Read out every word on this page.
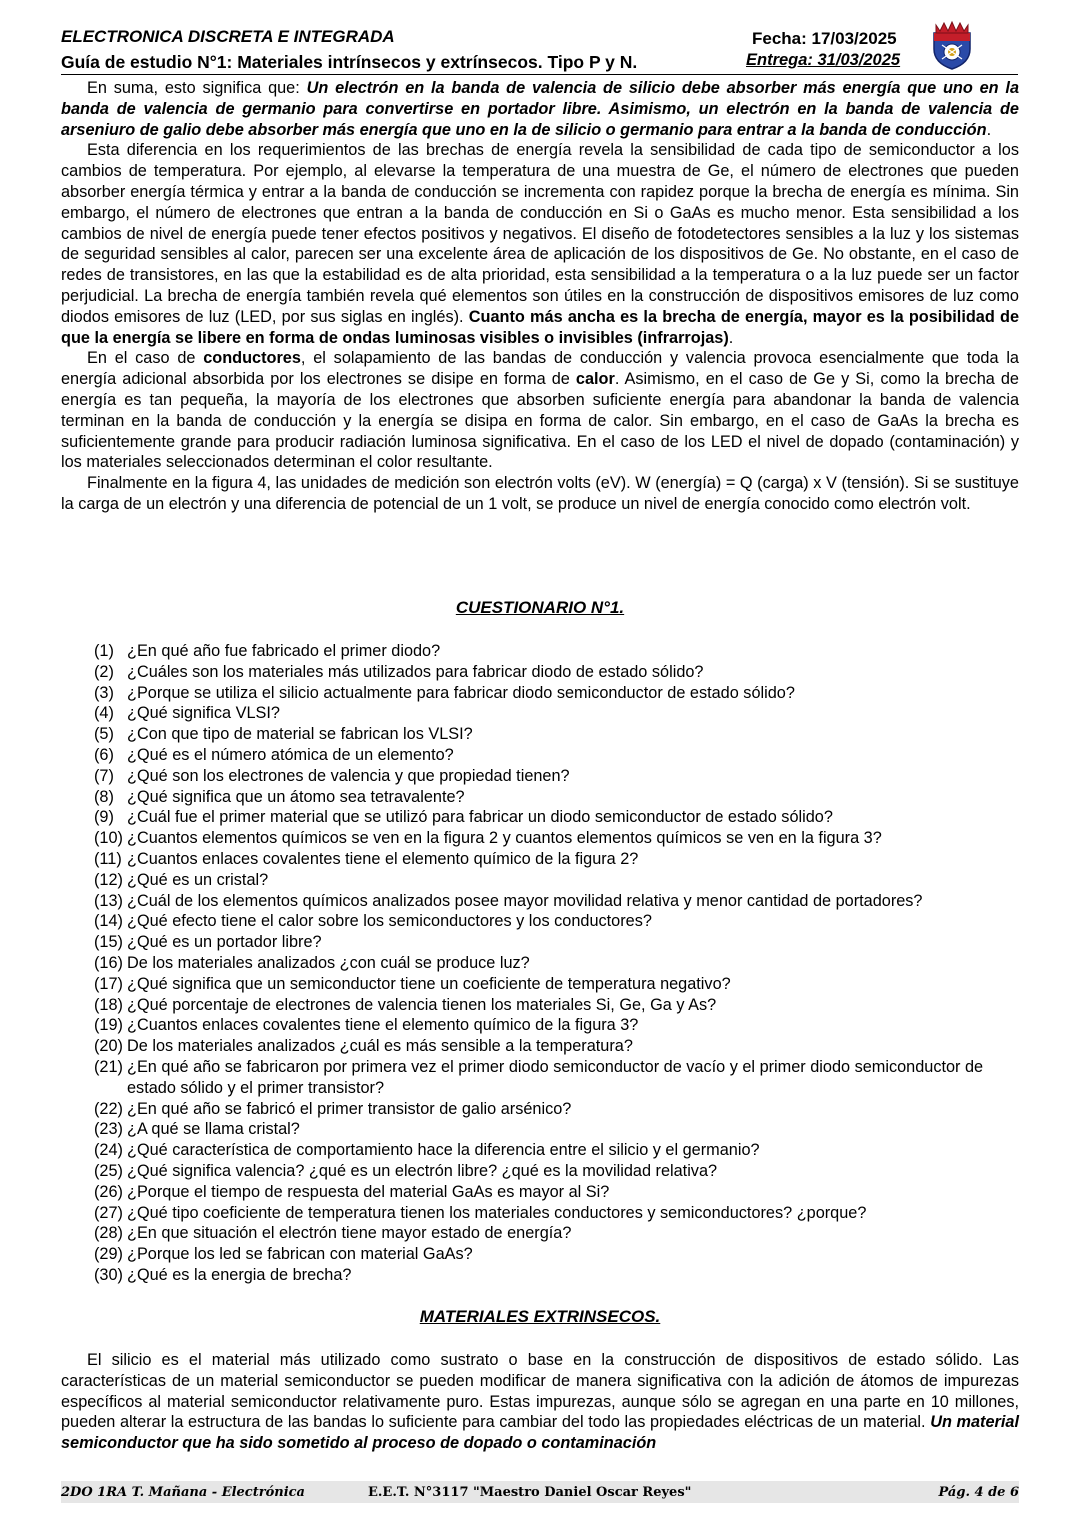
ELECTRONICA DISCRETA E INTEGRADA
Guía de estudio N°1: Materiales intrínsecos y extrínsecos. Tipo P y N.
Fecha: 17/03/2025
Entrega: 31/03/2025

En suma, esto significa que: Un electrón en la banda de valencia de silicio debe absorber más energía que uno en la banda de valencia de germanio para convertirse en portador libre. Asimismo, un electrón en la banda de valencia de arseniuro de galio debe absorber más energía que uno en la de silicio o germanio para entrar a la banda de conducción.

Esta diferencia en los requerimientos de las brechas de energía revela la sensibilidad de cada tipo de semiconductor a los cambios de temperatura. Por ejemplo, al elevarse la temperatura de una muestra de Ge, el número de electrones que pueden absorber energía térmica y entrar a la banda de conducción se incrementa con rapidez porque la brecha de energía es mínima. Sin embargo, el número de electrones que entran a la banda de conducción en Si o GaAs es mucho menor. Esta sensibilidad a los cambios de nivel de energía puede tener efectos positivos y negativos. El diseño de fotodetectores sensibles a la luz y los sistemas de seguridad sensibles al calor, parecen ser una excelente área de aplicación de los dispositivos de Ge. No obstante, en el caso de redes de transistores, en las que la estabilidad es de alta prioridad, esta sensibilidad a la temperatura o a la luz puede ser un factor perjudicial. La brecha de energía también revela qué elementos son útiles en la construcción de dispositivos emisores de luz como diodos emisores de luz (LED, por sus siglas en inglés). Cuanto más ancha es la brecha de energía, mayor es la posibilidad de que la energía se libere en forma de ondas luminosas visibles o invisibles (infrarrojas).

En el caso de conductores, el solapamiento de las bandas de conducción y valencia provoca esencialmente que toda la energía adicional absorbida por los electrones se disipe en forma de calor. Asimismo, en el caso de Ge y Si, como la brecha de energía es tan pequeña, la mayoría de los electrones que absorben suficiente energía para abandonar la banda de valencia terminan en la banda de conducción y la energía se disipa en forma de calor. Sin embargo, en el caso de GaAs la brecha es suficientemente grande para producir radiación luminosa significativa. En el caso de los LED el nivel de dopado (contaminación) y los materiales seleccionados determinan el color resultante.

Finalmente en la figura 4, las unidades de medición son electrón volts (eV). W (energía) = Q (carga) x V (tensión). Si se sustituye la carga de un electrón y una diferencia de potencial de un 1 volt, se produce un nivel de energía conocido como electrón volt.

CUESTIONARIO N°1.
(1) ¿En qué año fue fabricado el primer diodo?
(2) ¿Cuáles son los materiales más utilizados para fabricar diodo de estado sólido?
(3) ¿Porque se utiliza el silicio actualmente para fabricar diodo semiconductor de estado sólido?
(4) ¿Qué significa VLSI?
(5) ¿Con que tipo de material se fabrican los VLSI?
(6) ¿Qué es el número atómica de un elemento?
(7) ¿Qué son los electrones de valencia y que propiedad tienen?
(8) ¿Qué significa que un átomo sea tetravalente?
(9) ¿Cuál fue el primer material que se utilizó para fabricar un diodo semiconductor de estado sólido?
(10) ¿Cuantos elementos químicos se ven en la figura 2 y cuantos elementos químicos se ven en la figura 3?
(11) ¿Cuantos enlaces covalentes tiene el elemento químico de la figura 2?
(12) ¿Qué es un cristal?
(13) ¿Cuál de los elementos químicos analizados posee mayor movilidad relativa y menor cantidad de portadores?
(14) ¿Qué efecto tiene el calor sobre los semiconductores y los conductores?
(15) ¿Qué es un portador libre?
(16) De los materiales analizados ¿con cuál se produce luz?
(17) ¿Qué significa que un semiconductor tiene un coeficiente de temperatura negativo?
(18) ¿Qué porcentaje de electrones de valencia tienen los materiales Si, Ge, Ga y As?
(19) ¿Cuantos enlaces covalentes tiene el elemento químico de la figura 3?
(20) De los materiales analizados ¿cuál es más sensible a la temperatura?
(21) ¿En qué año se fabricaron por primera vez el primer diodo semiconductor de vacío y el primer diodo semiconductor de estado sólido y el primer transistor?
(22) ¿En qué año se fabricó el primer transistor de galio arsénico?
(23) ¿A qué se llama cristal?
(24) ¿Qué característica de comportamiento hace la diferencia entre el silicio y el germanio?
(25) ¿Qué significa valencia? ¿qué es un electrón libre? ¿qué es la movilidad relativa?
(26) ¿Porque el tiempo de respuesta del material GaAs es mayor al Si?
(27) ¿Qué tipo coeficiente de temperatura tienen los materiales conductores y semiconductores? ¿porque?
(28) ¿En que situación el electrón tiene mayor estado de energía?
(29) ¿Porque los led se fabrican con material GaAs?
(30) ¿Qué es la energia de brecha?
MATERIALES EXTRINSECOS.

El silicio es el material más utilizado como sustrato o base en la construcción de dispositivos de estado sólido. Las características de un material semiconductor se pueden modificar de manera significativa con la adición de átomos de impurezas específicos al material semiconductor relativamente puro. Estas impurezas, aunque sólo se agregan en una parte en 10 millones, pueden alterar la estructura de las bandas lo suficiente para cambiar del todo las propiedades eléctricas de un material. Un material semiconductor que ha sido sometido al proceso de dopado o contaminación

2DO 1RA T. Mañana - Electrónica	E.E.T. N°3117 "Maestro Daniel Oscar Reyes"	Pág. 4 de 6
